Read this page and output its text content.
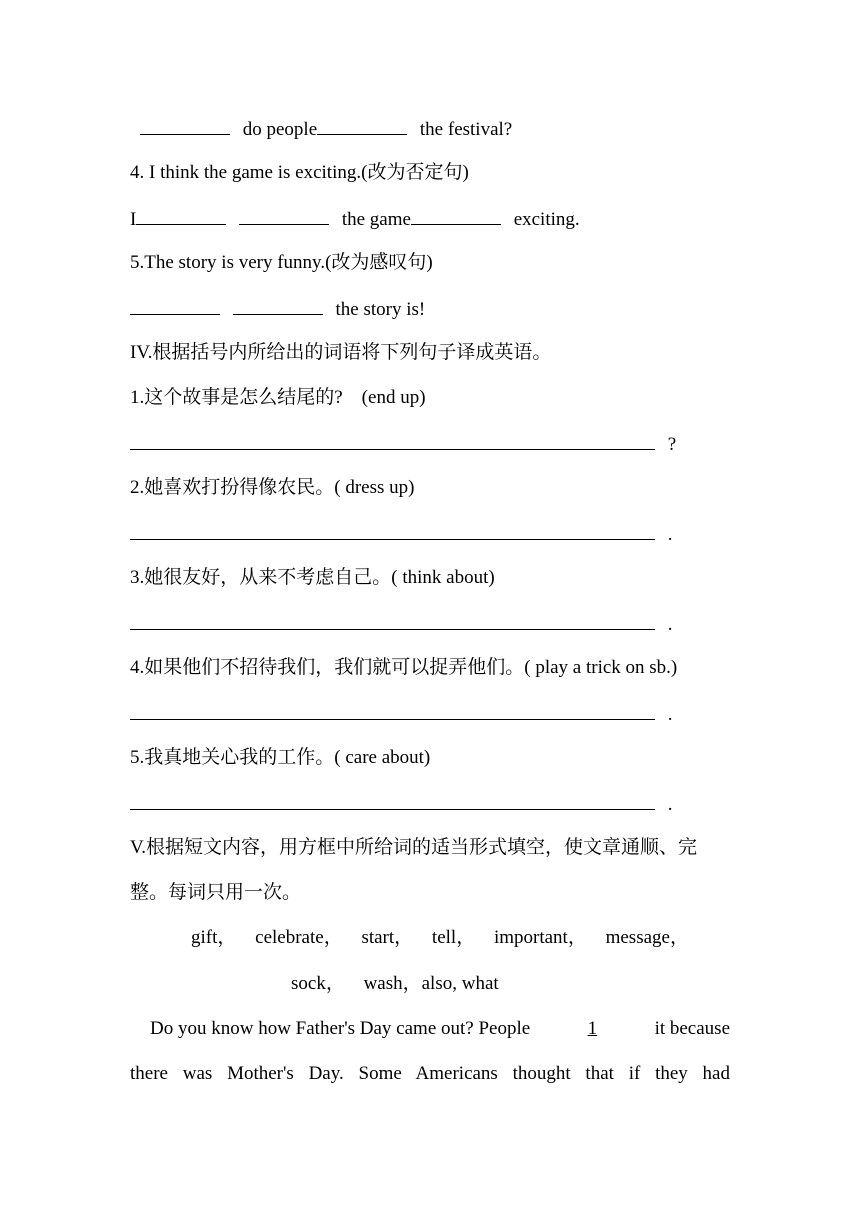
do people	the festival?
4. I think the game is exciting.(改为否定句)
I	the game	exciting.
5.The story is very funny.(改为感叹句)
the story is!
IV.根据括号内所给出的词语将下列句子译成英语。
1.这个故事是怎么结尾的?　(end up)
?
2.她喜欢打扮得像农民。( dress up)
.
3.她很友好，从来不考虑自己。( think about)
.
4.如果他们不招待我们，我们就可以捉弄他们。( play a trick on sb.)
.
5.我真地关心我的工作。( care about)
.
V.根据短文内容，用方框中所给词的适当形式填空，使文章通顺、完
整。每词只用一次。
gift， celebrate， start， tell， important， message，
sock， wash，also, what
Do you know how Father's Day came out? People	1	it because
there was Mother's Day. Some Americans thought that if they had
